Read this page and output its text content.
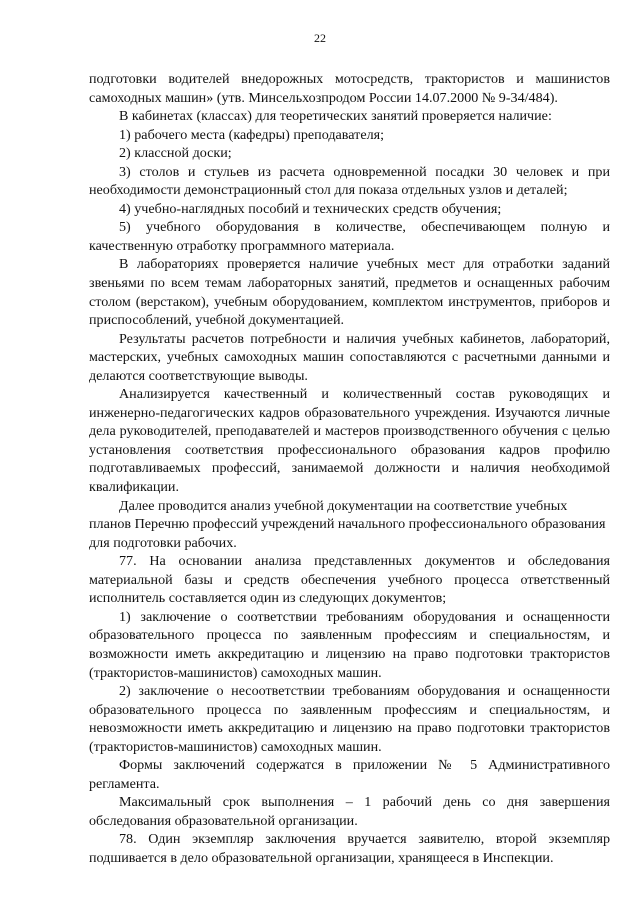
22

подготовки водителей внедорожных мотосредств, трактористов и машинистов самоходных машин» (утв. Минсельхозпродом России 14.07.2000 № 9-34/484).

В кабинетах (классах) для теоретических занятий проверяется наличие:

1) рабочего места (кафедры) преподавателя;

2) классной доски;

3) столов и стульев из расчета одновременной посадки 30 человек и при необходимости демонстрационный стол для показа отдельных узлов и деталей;

4) учебно-наглядных пособий и технических средств обучения;

5) учебного оборудования в количестве, обеспечивающем полную и качественную отработку программного материала.

В лабораториях проверяется наличие учебных мест для отработки заданий звеньями по всем темам лабораторных занятий, предметов и оснащенных рабочим столом (верстаком), учебным оборудованием, комплектом инструментов, приборов и приспособлений, учебной документацией.

Результаты расчетов потребности и наличия учебных кабинетов, лабораторий, мастерских, учебных самоходных машин сопоставляются с расчетными данными и делаются соответствующие выводы.

Анализируется качественный и количественный состав руководящих и инженерно-педагогических кадров образовательного учреждения. Изучаются личные дела руководителей, преподавателей и мастеров производственного обучения с целью установления соответствия профессионального образования кадров профилю подготавливаемых профессий, занимаемой должности и наличия необходимой квалификации.

Далее проводится анализ учебной документации на соответствие учебных планов Перечню профессий учреждений начального профессионального образования для подготовки рабочих.

77. На основании анализа представленных документов и обследования материальной базы и средств обеспечения учебного процесса ответственный исполнитель составляется один из следующих документов;

1) заключение о соответствии требованиям оборудования и оснащенности образовательного процесса по заявленным профессиям и специальностям, и возможности иметь аккредитацию и лицензию на право подготовки трактористов (трактористов-машинистов) самоходных машин.

2) заключение о несоответствии требованиям оборудования и оснащенности образовательного процесса по заявленным профессиям и специальностям, и невозможности иметь аккредитацию и лицензию на право подготовки трактористов (трактористов-машинистов) самоходных машин.

Формы заключений содержатся в приложении № 5 Административного регламента.

Максимальный срок выполнения – 1 рабочий день со дня завершения обследования образовательной организации.

78. Один экземпляр заключения вручается заявителю, второй экземпляр подшивается в дело образовательной организации, хранящееся в Инспекции.
